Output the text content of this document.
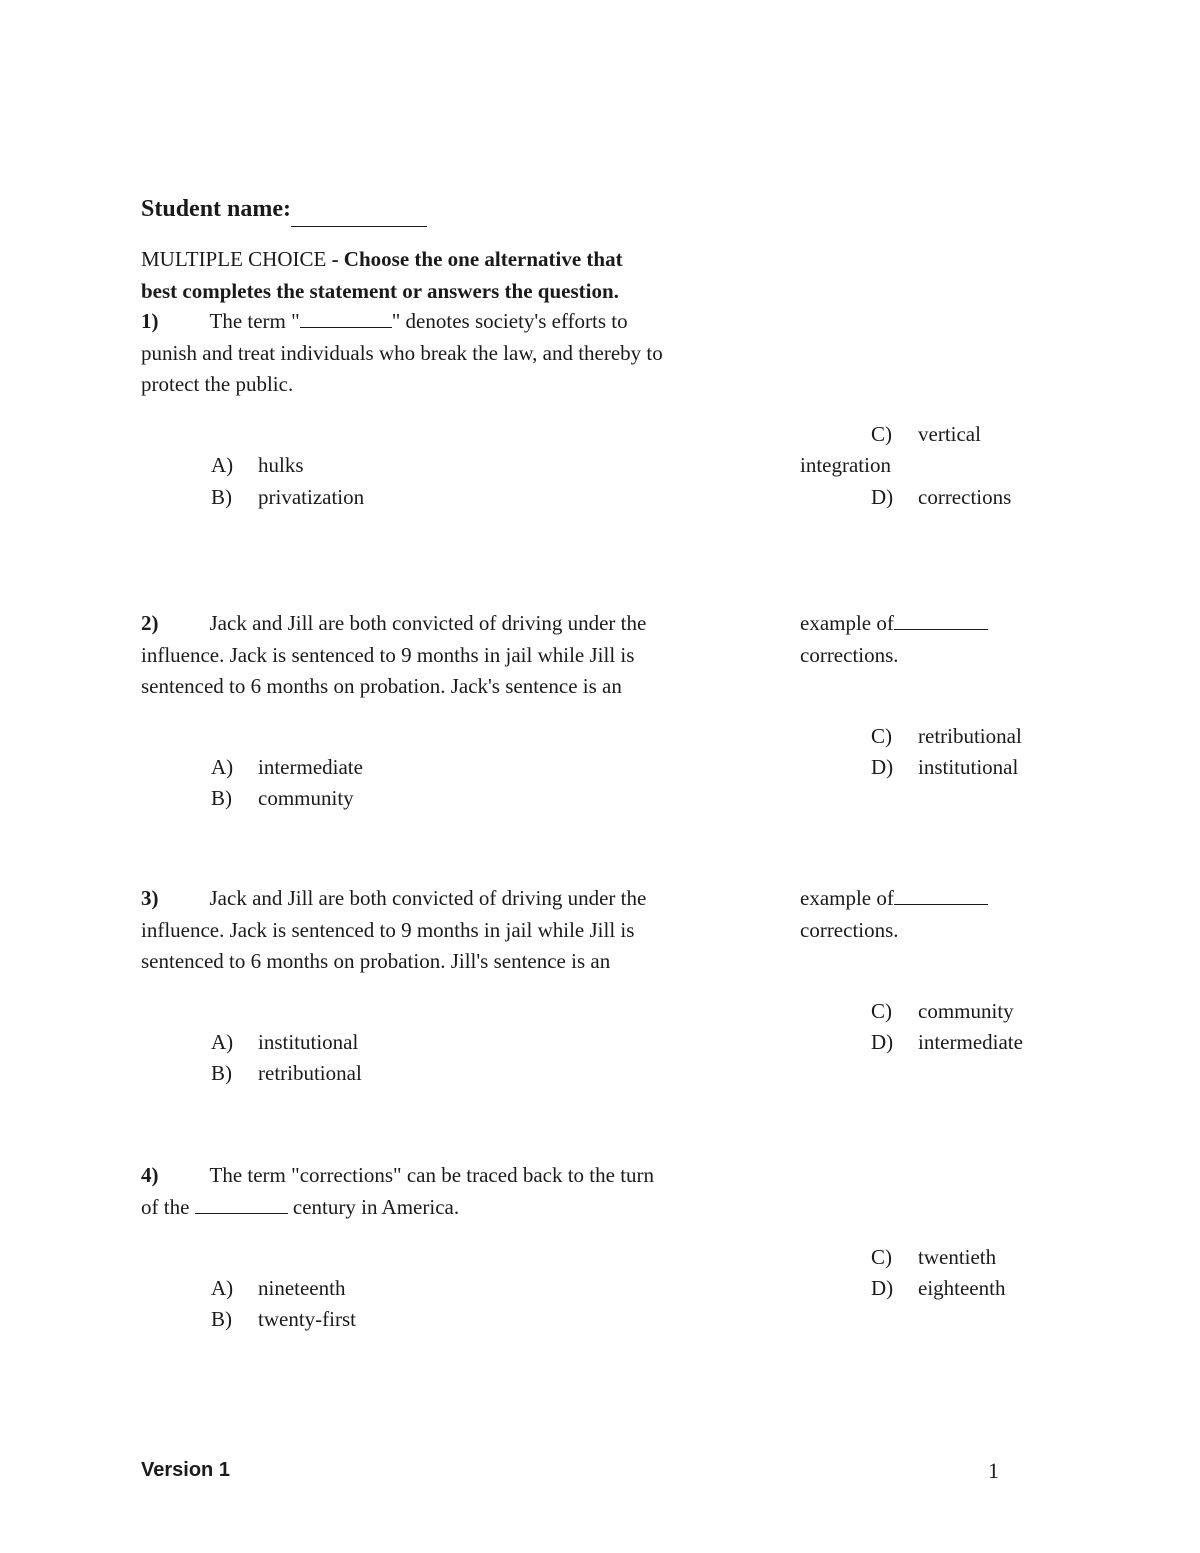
Student name:
MULTIPLE CHOICE - Choose the one alternative that
best completes the statement or answers the question.

1) The term "	" denotes society's efforts to

punish and treat individuals who break the law, and thereby to

protect the public.

A) hulks
B) privatization
C) vertical
integration
D) corrections

2) Jack and Jill are both convicted of driving under the

influence. Jack is sentenced to 9 months in jail while Jill is

sentenced to 6 months on probation. Jack's sentence is an

example of

corrections.

A) intermediate
B) community
C) retributional
D) institutional

3) Jack and Jill are both convicted of driving under the

influence. Jack is sentenced to 9 months in jail while Jill is

sentenced to 6 months on probation. Jill's sentence is an

example of

corrections.

A) institutional
B) retributional
C) community
D) intermediate

4) The term "corrections" can be traced back to the turn

of the	century in America.

A) nineteenth
B) twenty-first
C) twentieth
D) eighteenth
Version 1	1
